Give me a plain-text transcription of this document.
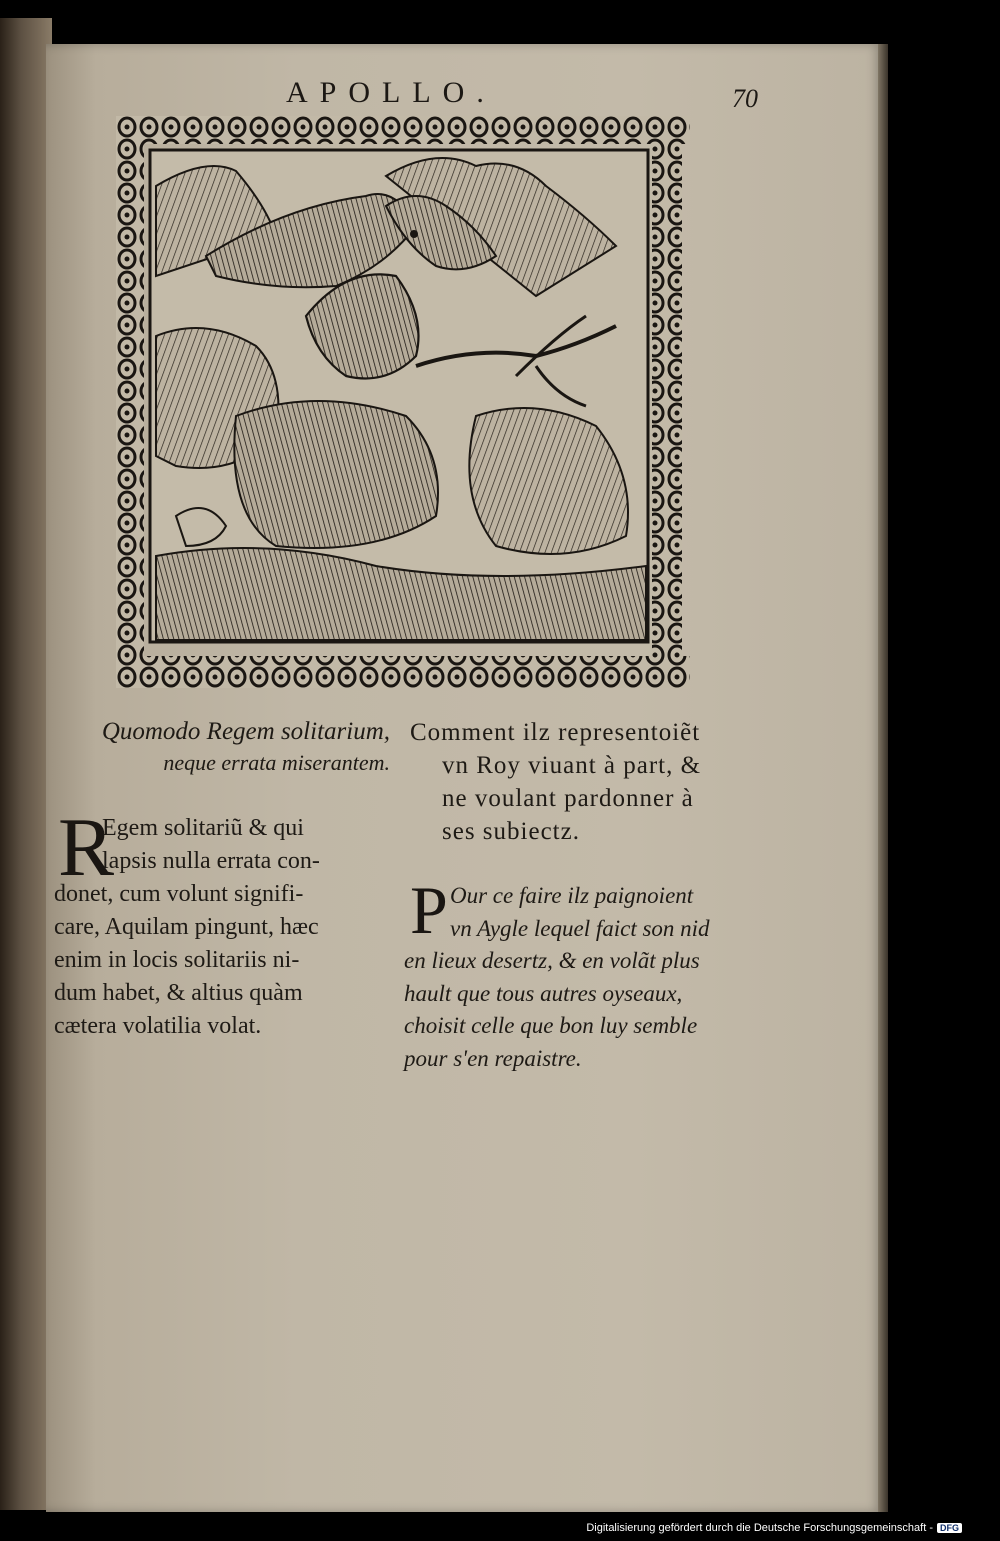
APOLLO.	70
Quomodo Regem solitarium,
neque errata miserantem.
Comment ilz representoiẽt
vn Roy viuant à part, &
ne voulant pardonner à
ses subiectz.
R
Egem solitariũ & qui
lapsis nulla errata con-
donet, cum volunt signifi-
care, Aquilam pingunt, hæc
enim in locis solitariis ni-
dum habet, & altius quàm
cætera volatilia volat.
P Our ce faire ilz paignoient
vn Aygle lequel faict son nid
en lieux desertz, & en volãt plus
hault que tous autres oyseaux,
choisit celle que bon luy semble
pour s'en repaistre.
Digitalisierung gefördert durch die Deutsche Forschungsgemeinschaft - DFG
